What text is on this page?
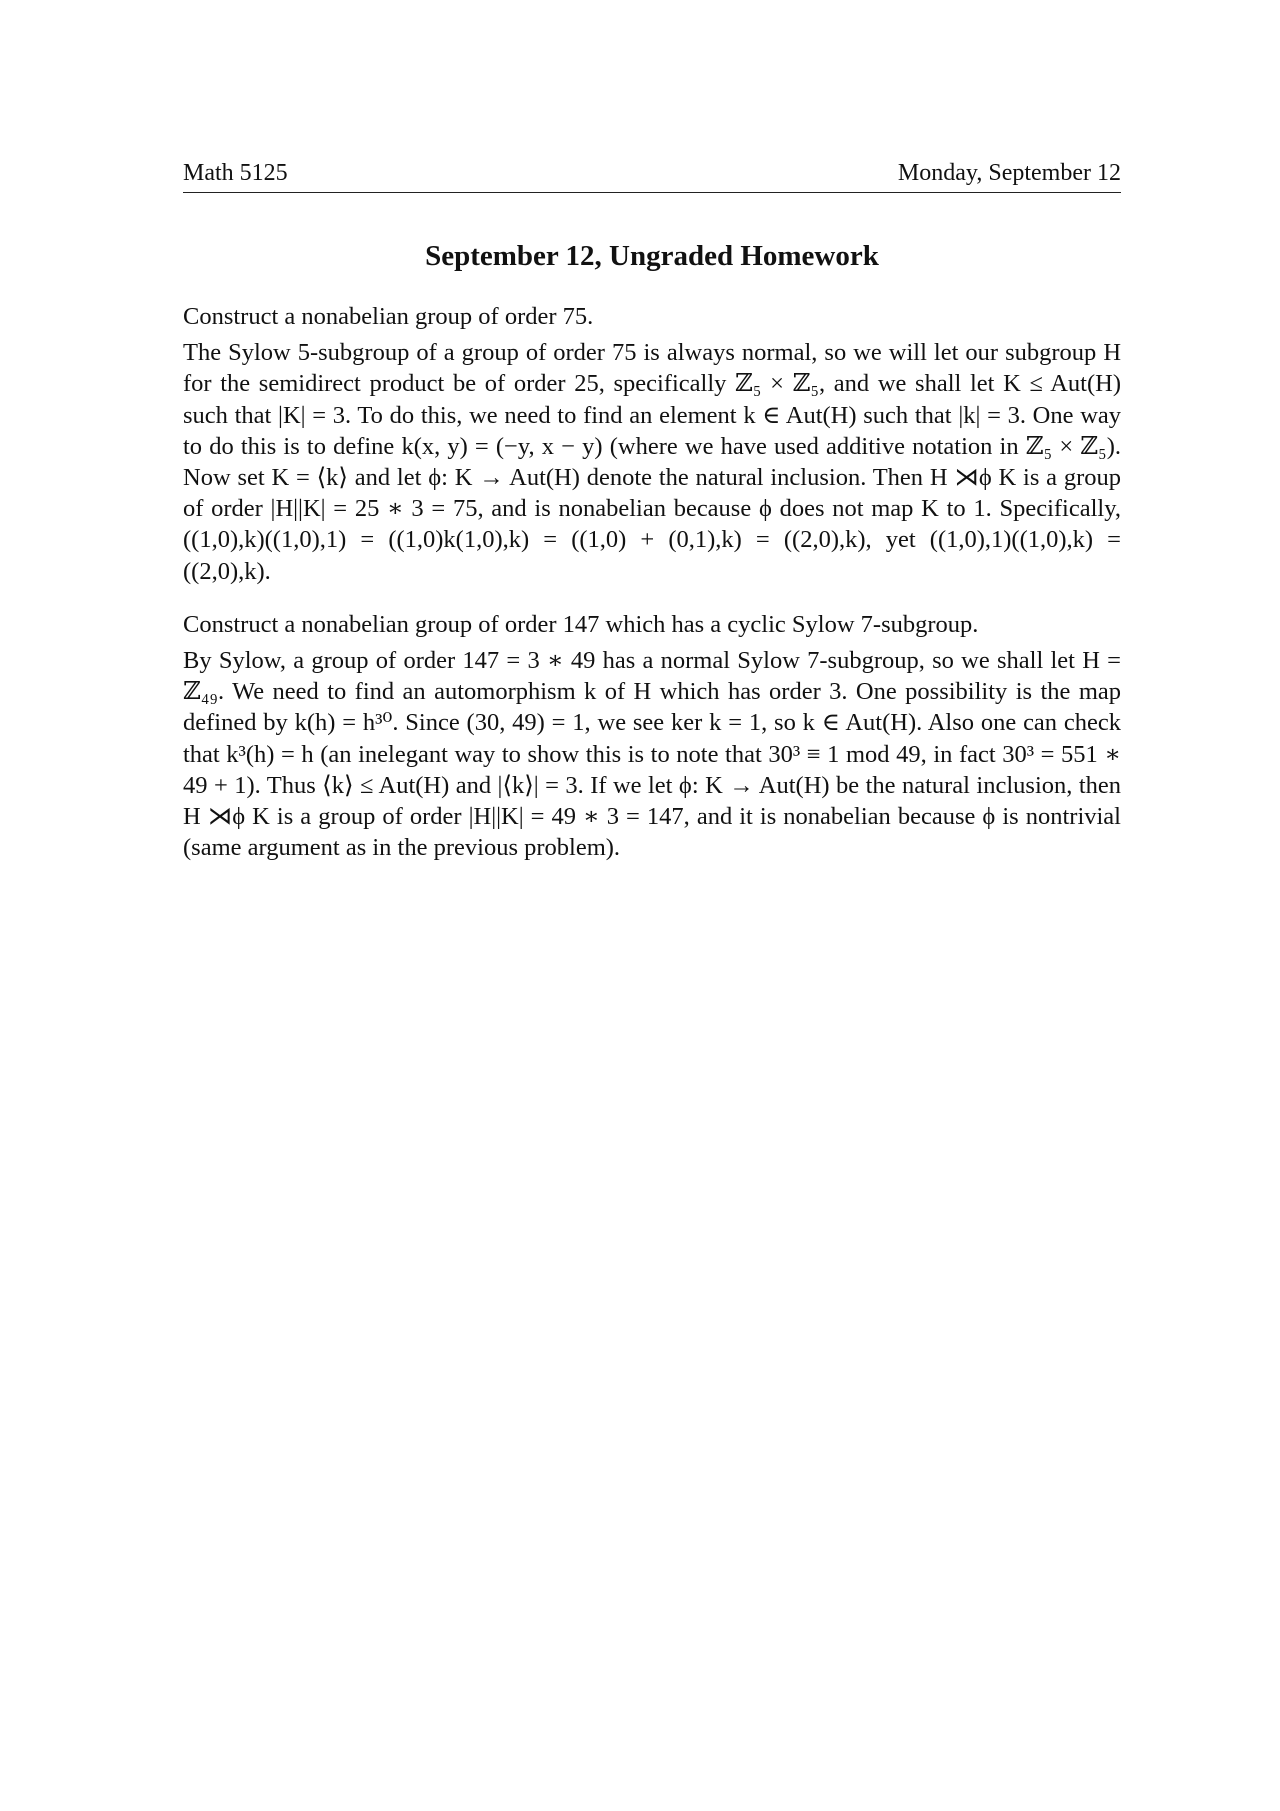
Math 5125	Monday, September 12
September 12, Ungraded Homework

Construct a nonabelian group of order 75.

The Sylow 5-subgroup of a group of order 75 is always normal, so we will let our subgroup H for the semidirect product be of order 25, specifically ℤ₅ × ℤ₅, and we shall let K ≤ Aut(H) such that |K| = 3. To do this, we need to find an element k ∈ Aut(H) such that |k| = 3. One way to do this is to define k(x, y) = (−y, x − y) (where we have used additive notation in ℤ₅ × ℤ₅). Now set K = ⟨k⟩ and let ϕ: K → Aut(H) denote the natural inclusion. Then H ⋊ϕ K is a group of order |H||K| = 25 ∗ 3 = 75, and is nonabelian because ϕ does not map K to 1. Specifically, ((1,0),k)((1,0),1) = ((1,0)k(1,0),k) = ((1,0) + (0,1),k) = ((2,0),k), yet ((1,0),1)((1,0),k) = ((2,0),k).

Construct a nonabelian group of order 147 which has a cyclic Sylow 7-subgroup.

By Sylow, a group of order 147 = 3 ∗ 49 has a normal Sylow 7-subgroup, so we shall let H = ℤ₄₉. We need to find an automorphism k of H which has order 3. One possibility is the map defined by k(h) = h³⁰. Since (30, 49) = 1, we see ker k = 1, so k ∈ Aut(H). Also one can check that k³(h) = h (an inelegant way to show this is to note that 30³ ≡ 1 mod 49, in fact 30³ = 551 ∗ 49 + 1). Thus ⟨k⟩ ≤ Aut(H) and |⟨k⟩| = 3. If we let ϕ: K → Aut(H) be the natural inclusion, then H ⋊ϕ K is a group of order |H||K| = 49 ∗ 3 = 147, and it is nonabelian because ϕ is nontrivial (same argument as in the previous problem).
